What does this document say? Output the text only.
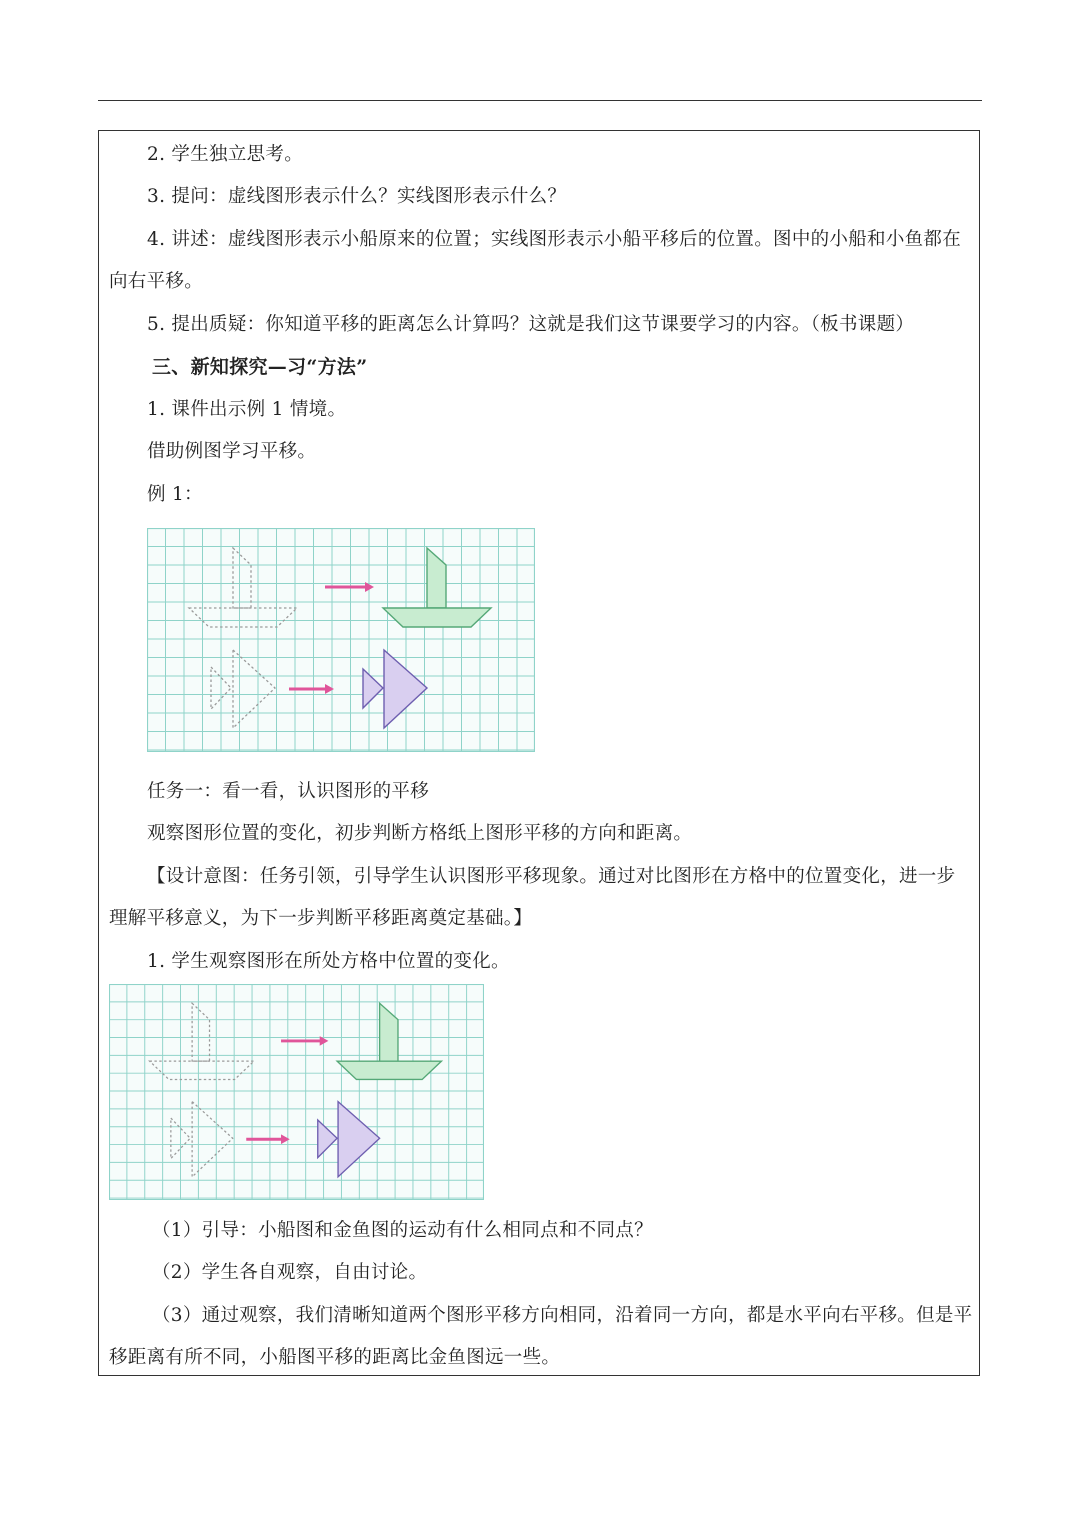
2. 学生独立思考。
3. 提问：虚线图形表示什么？实线图形表示什么？
4. 讲述：虚线图形表示小船原来的位置；实线图形表示小船平移后的位置。图中的小船和小鱼都在
向右平移。
5. 提出质疑：你知道平移的距离怎么计算吗？这就是我们这节课要学习的内容。（板书课题）
三、新知探究—习“方法”
1. 课件出示例 1 情境。
借助例图学习平移。
例 1：
任务一：看一看，认识图形的平移
观察图形位置的变化，初步判断方格纸上图形平移的方向和距离。
【设计意图：任务引领，引导学生认识图形平移现象。通过对比图形在方格中的位置变化，进一步
理解平移意义，为下一步判断平移距离奠定基础。】
1. 学生观察图形在所处方格中位置的变化。
（1）引导：小船图和金鱼图的运动有什么相同点和不同点？
（2）学生各自观察，自由讨论。
（3）通过观察，我们清晰知道两个图形平移方向相同，沿着同一方向，都是水平向右平移。但是平
移距离有所不同，小船图平移的距离比金鱼图远一些。
